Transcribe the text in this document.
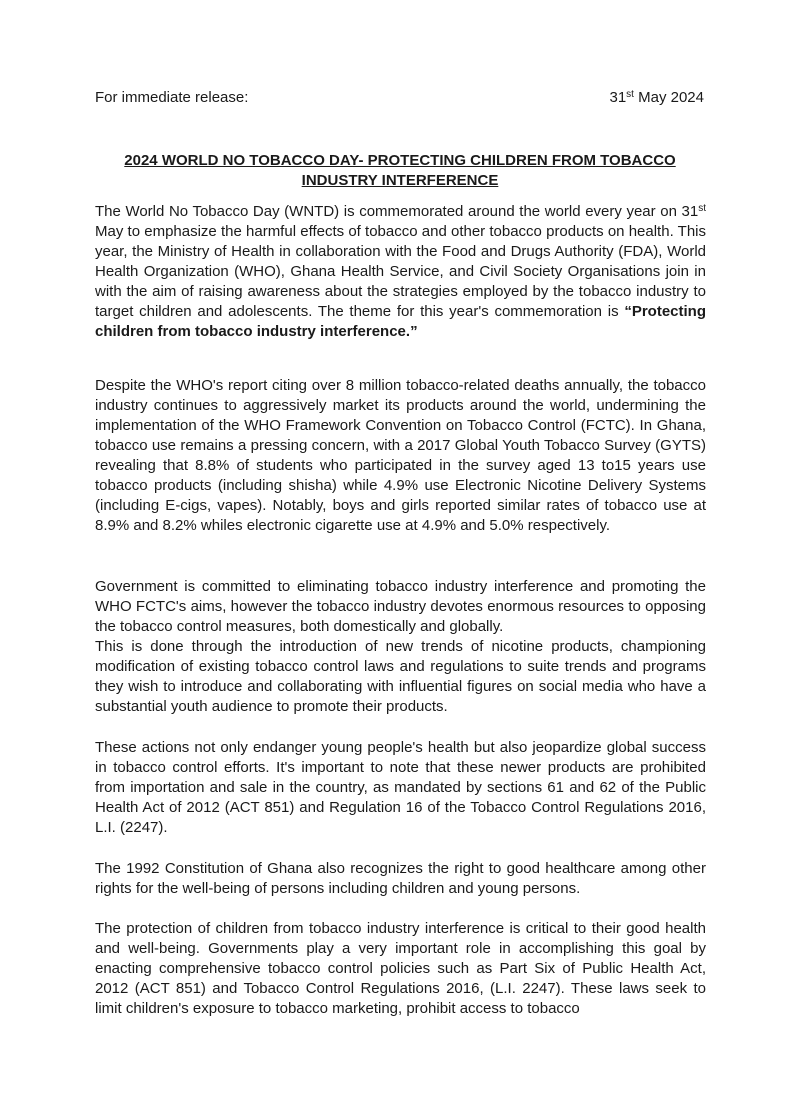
For immediate release:	31st May 2024
2024 WORLD NO TOBACCO DAY- PROTECTING CHILDREN FROM TOBACCO INDUSTRY INTERFERENCE

The World No Tobacco Day (WNTD) is commemorated around the world every year on 31st May to emphasize the harmful effects of tobacco and other tobacco products on health. This year, the Ministry of Health in collaboration with the Food and Drugs Authority (FDA), World Health Organization (WHO), Ghana Health Service, and Civil Society Organisations join in with the aim of raising awareness about the strategies employed by the tobacco industry to target children and adolescents. The theme for this year's commemoration is “Protecting children from tobacco industry interference.”

Despite the WHO's report citing over 8 million tobacco-related deaths annually, the tobacco industry continues to aggressively market its products around the world, undermining the implementation of the WHO Framework Convention on Tobacco Control (FCTC). In Ghana, tobacco use remains a pressing concern, with a 2017 Global Youth Tobacco Survey (GYTS) revealing that 8.8% of students who participated in the survey aged 13 to15 years use tobacco products (including shisha) while 4.9% use Electronic Nicotine Delivery Systems (including E-cigs, vapes). Notably, boys and girls reported similar rates of tobacco use at 8.9% and 8.2% whiles electronic cigarette use at 4.9% and 5.0% respectively.

Government is committed to eliminating tobacco industry interference and promoting the WHO FCTC's aims, however the tobacco industry devotes enormous resources to opposing the tobacco control measures, both domestically and globally.

This is done through the introduction of new trends of nicotine products, championing modification of existing tobacco control laws and regulations to suite trends and programs they wish to introduce and collaborating with influential figures on social media who have a substantial youth audience to promote their products.

These actions not only endanger young people's health but also jeopardize global success in tobacco control efforts. It's important to note that these newer products are prohibited from importation and sale in the country, as mandated by sections 61 and 62 of the Public Health Act of 2012 (ACT 851) and Regulation 16 of the Tobacco Control Regulations 2016, L.I. (2247).

The 1992 Constitution of Ghana also recognizes the right to good healthcare among other rights for the well-being of persons including children and young persons.

The protection of children from tobacco industry interference is critical to their good health and well-being. Governments play a very important role in accomplishing this goal by enacting comprehensive tobacco control policies such as Part Six of Public Health Act, 2012 (ACT 851) and Tobacco Control Regulations 2016, (L.I. 2247). These laws seek to limit children's exposure to tobacco marketing, prohibit access to tobacco
